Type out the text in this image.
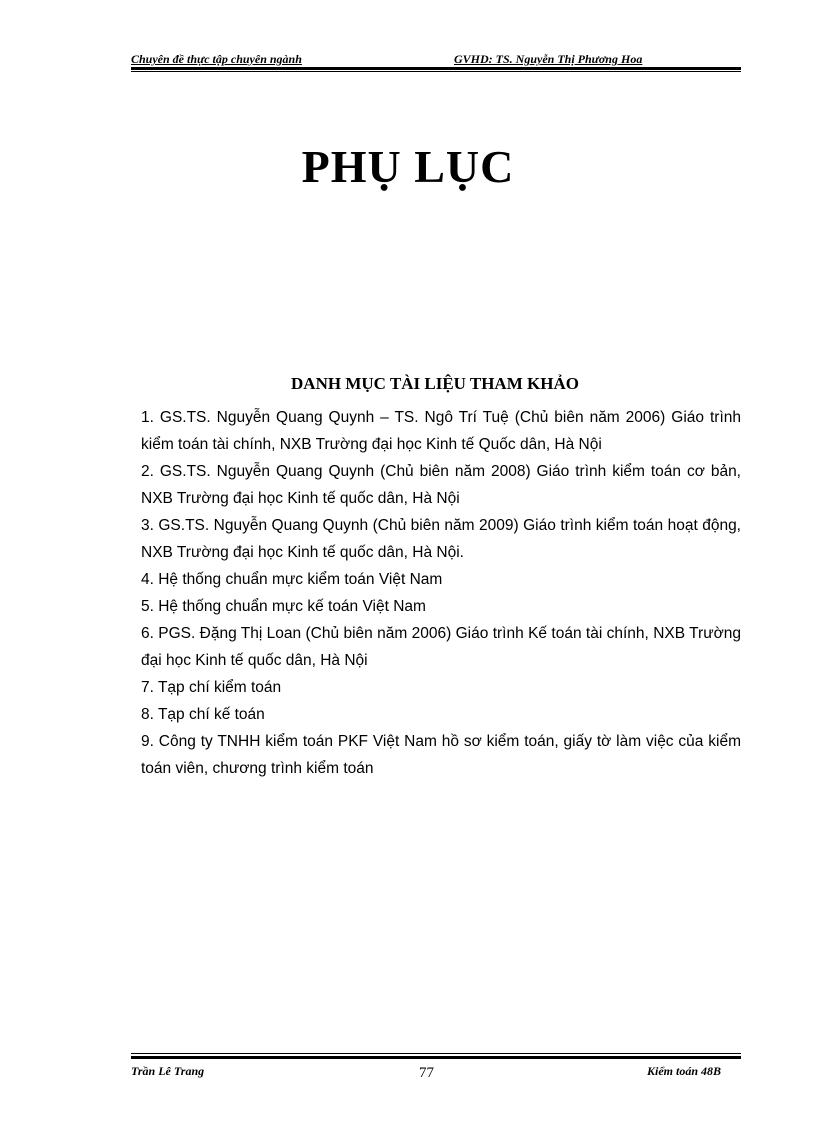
Chuyên đề thực tập chuyên ngành	GVHD: TS. Nguyễn Thị Phương Hoa
PHỤ LỤC
DANH MỤC TÀI LIỆU THAM KHẢO
1. GS.TS. Nguyễn Quang Quynh – TS. Ngô Trí Tuệ (Chủ biên năm 2006) Giáo trình kiểm toán tài chính, NXB Trường đại học Kinh tế Quốc dân, Hà Nội
2. GS.TS. Nguyễn Quang Quynh (Chủ biên năm 2008) Giáo trình kiểm toán cơ bản, NXB Trường đại học Kinh tế quốc dân, Hà Nội
3. GS.TS. Nguyễn Quang Quynh (Chủ biên năm 2009) Giáo trình kiểm toán hoạt động, NXB Trường đại học Kinh tế quốc dân, Hà Nội.
4. Hệ thống chuẩn mực kiểm toán Việt Nam
5. Hệ thống chuẩn mực kế toán Việt Nam
6. PGS. Đặng Thị Loan (Chủ biên năm 2006) Giáo trình Kế toán tài chính, NXB Trường đại học Kinh tế quốc dân, Hà Nội
7. Tạp chí kiểm toán
8. Tạp chí kế toán
9. Công ty TNHH kiểm toán PKF Việt Nam hồ sơ kiểm toán, giấy tờ làm việc của kiểm toán viên, chương trình kiểm toán
Trần Lê Trang	77	Kiểm toán 48B
